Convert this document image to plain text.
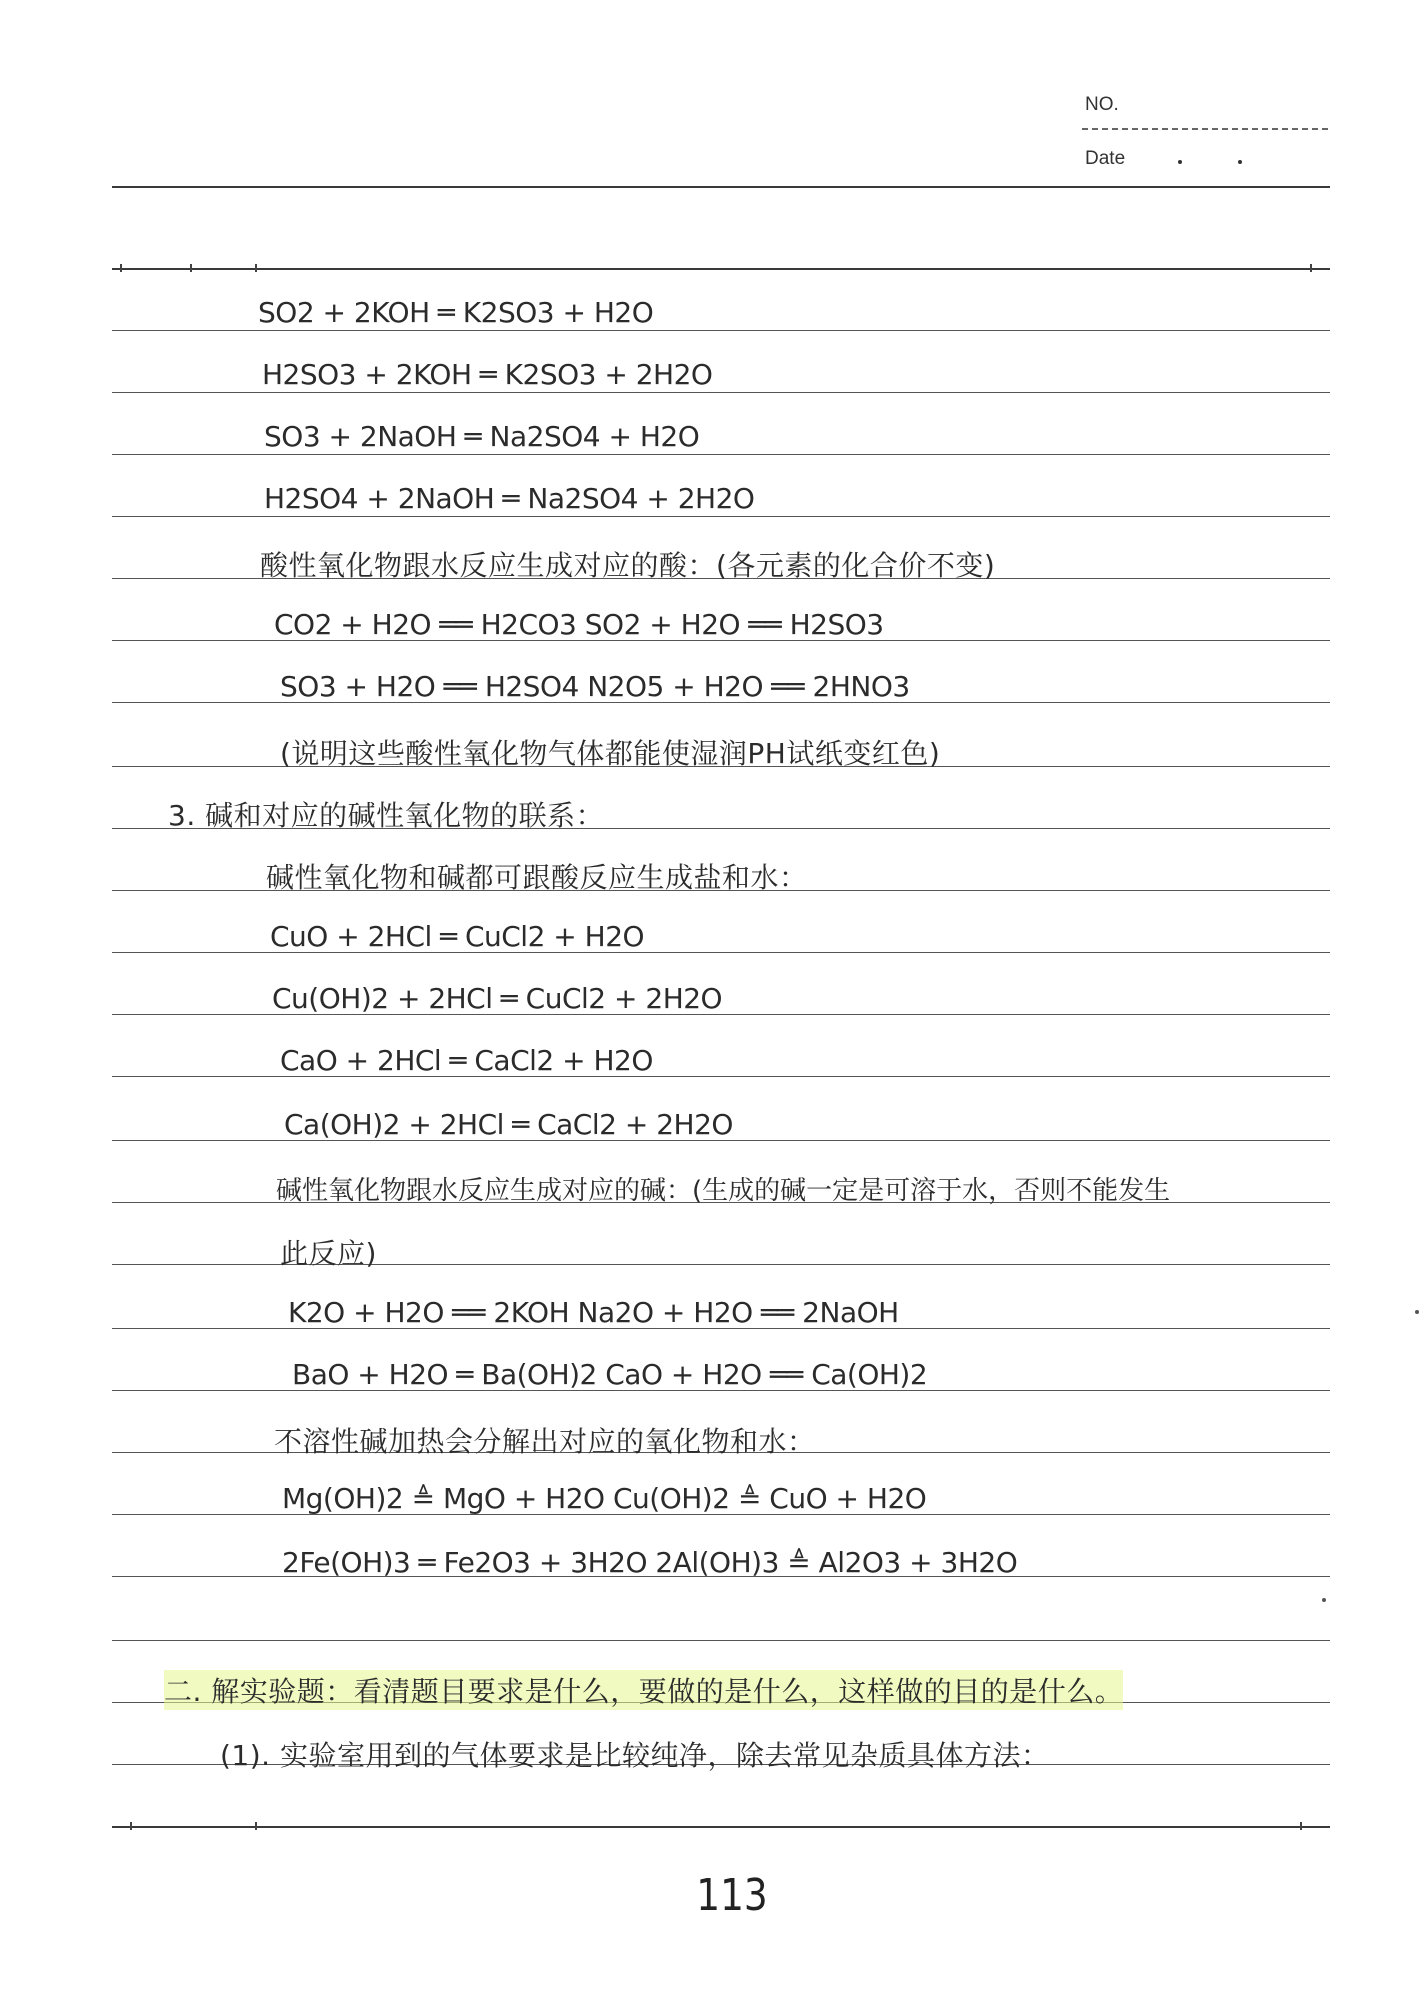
NO.
Date
SO2 + 2KOH ═ K2SO3 + H2O
H2SO3 + 2KOH ═ K2SO3 + 2H2O
SO3 + 2NaOH ═ Na2SO4 + H2O
H2SO4 + 2NaOH ═ Na2SO4 + 2H2O
酸性氧化物跟水反应生成对应的酸：(各元素的化合价不变)
CO2 + H2O ══ H2CO3 SO2 + H2O ══ H2SO3
SO3 + H2O ══ H2SO4 N2O5 + H2O ══ 2HNO3
(说明这些酸性氧化物气体都能使湿润PH试纸变红色)
3. 碱和对应的碱性氧化物的联系：
碱性氧化物和碱都可跟酸反应生成盐和水：
CuO + 2HCl ═ CuCl2 + H2O
Cu(OH)2 + 2HCl ═ CuCl2 + 2H2O
CaO + 2HCl ═ CaCl2 + H2O
Ca(OH)2 + 2HCl ═ CaCl2 + 2H2O
碱性氧化物跟水反应生成对应的碱：(生成的碱一定是可溶于水，否则不能发生
此反应)
K2O + H2O ══ 2KOH Na2O + H2O ══ 2NaOH
BaO + H2O ═ Ba(OH)2 CaO + H2O ══ Ca(OH)2
不溶性碱加热会分解出对应的氧化物和水：
Mg(OH)2 ≜ MgO + H2O Cu(OH)2 ≜ CuO + H2O
2Fe(OH)3 ═ Fe2O3 + 3H2O 2Al(OH)3 ≜ Al2O3 + 3H2O
二. 解实验题：看清题目要求是什么，要做的是什么，这样做的目的是什么。
(1). 实验室用到的气体要求是比较纯净，除去常见杂质具体方法：
113
